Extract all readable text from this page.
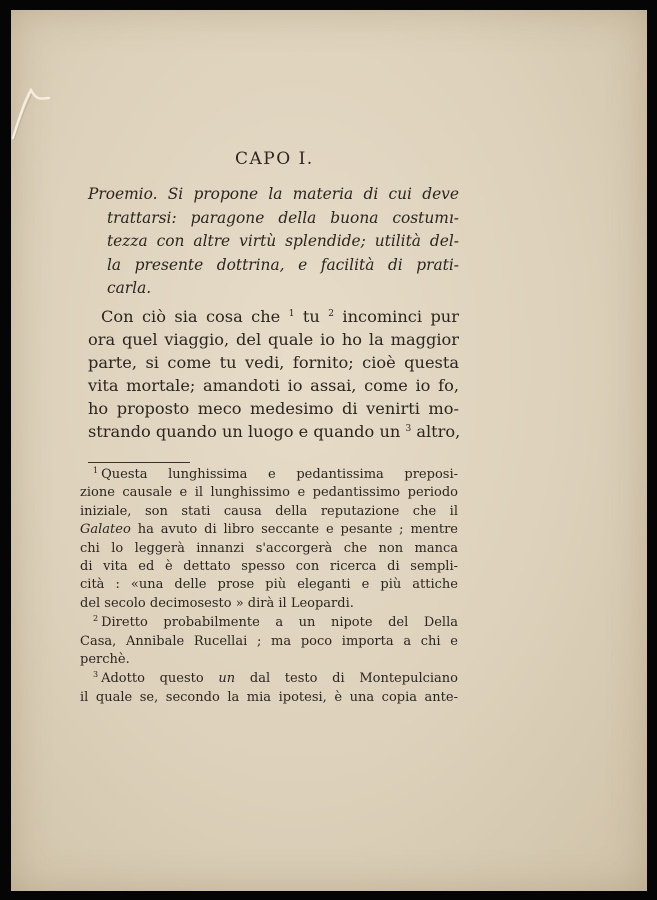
CAPO I.
Proemio. Si propone la materia di cui deve
trattarsi: paragone della buona costumı-
tezza con altre virtù splendide; utilità del-
la presente dottrina, e facilità di prati-
carla.
Con ciò sia cosa che $^1$ tu $^2$ incominci pur
ora quel viaggio, del quale io ho la maggior
parte, si come tu vedi, fornito; cioè questa
vita mortale; amandoti io assai, come io fo,
ho proposto meco medesimo di venirti mo-
strando quando un luogo e quando un $^3$ altro,
$^1$ Questa lunghissima e pedantissima preposi-
zione causale e il lunghissimo e pedantissimo periodo
iniziale, son stati causa della reputazione che il
Galateo ha avuto di libro seccante e pesante ; mentre
chi lo leggerà innanzi s'accorgerà che non manca
di vita ed è dettato spesso con ricerca di sempli-
cità : «una delle prose più eleganti e più attiche
del secolo decimosesto » dirà il Leopardi.
$^2$ Diretto probabilmente a un nipote del Della
Casa, Annibale Rucellai ; ma poco importa a chi e
perchè.
$^3$ Adotto questo un dal testo di Montepulciano
il quale se, secondo la mia ipotesi, è una copia ante-
